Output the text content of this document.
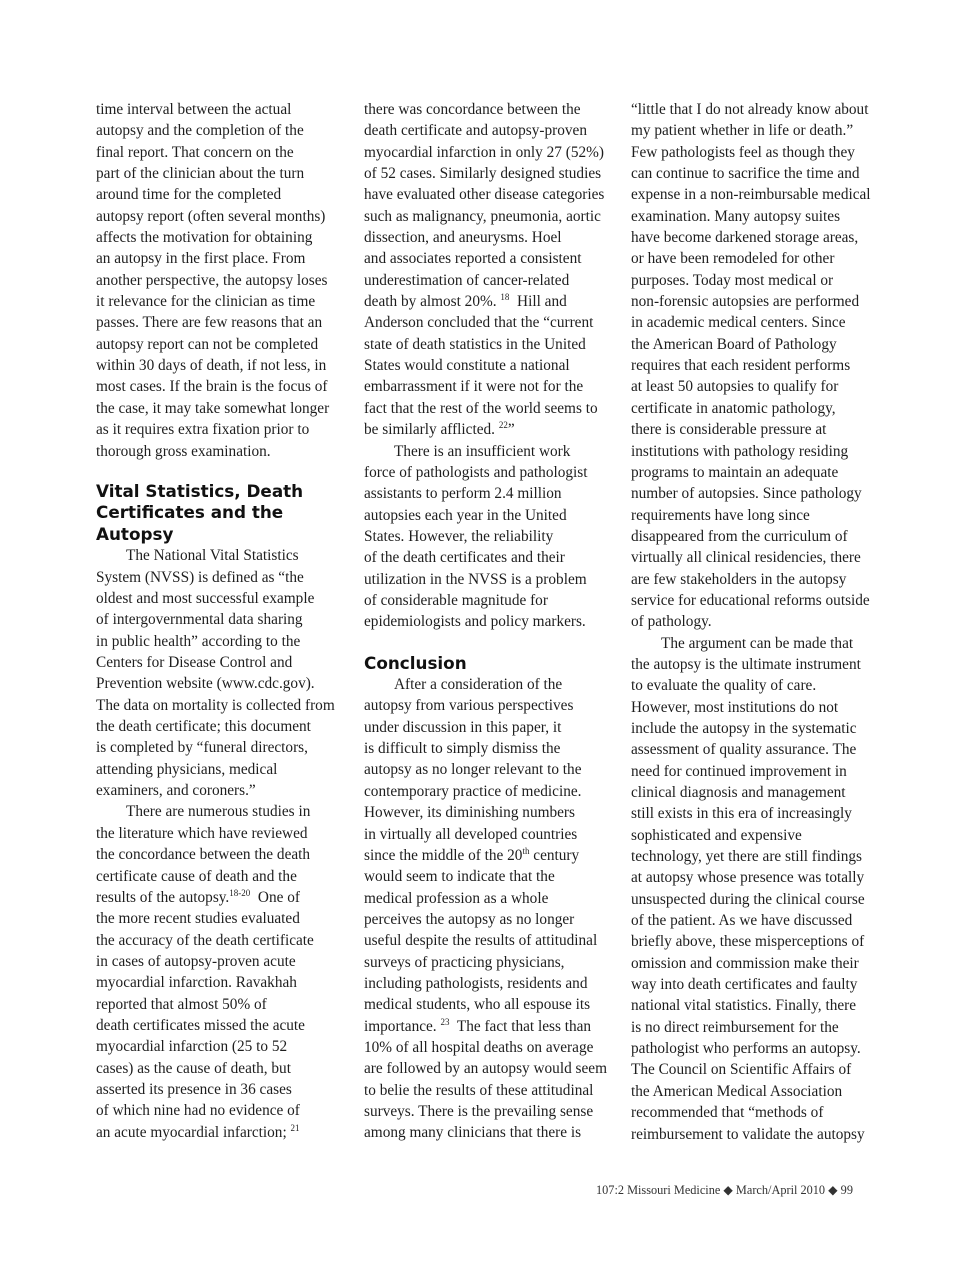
time interval between the actual
autopsy and the completion of the
final report. That concern on the
part of the clinician about the turn
around time for the completed
autopsy report (often several months)
affects the motivation for obtaining
an autopsy in the first place. From
another perspective, the autopsy loses
it relevance for the clinician as time
passes. There are few reasons that an
autopsy report can not be completed
within 30 days of death, if not less, in
most cases. If the brain is the focus of
the case, it may take somewhat longer
as it requires extra fixation prior to
thorough gross examination.
Vital Statistics, Death
Certificates and the
Autopsy
The National Vital Statistics
System (NVSS) is defined as “the
oldest and most successful example
of intergovernmental data sharing
in public health” according to the
Centers for Disease Control and
Prevention website (www.cdc.gov).
The data on mortality is collected from
the death certificate; this document
is completed by “funeral directors,
attending physicians, medical
examiners, and coroners.”
There are numerous studies in
the literature which have reviewed
the concordance between the death
certificate cause of death and the
results of the autopsy.$^{18-20}$ One of
the more recent studies evaluated
the accuracy of the death certificate
in cases of autopsy-proven acute
myocardial infarction. Ravakhah
reported that almost 50% of
death certificates missed the acute
myocardial infarction (25 to 52
cases) as the cause of death, but
asserted its presence in 36 cases
of which nine had no evidence of
an acute myocardial infarction; $^{21}$
there was concordance between the
death certificate and autopsy-proven
myocardial infarction in only 27 (52%)
of 52 cases. Similarly designed studies
have evaluated other disease categories
such as malignancy, pneumonia, aortic
dissection, and aneurysms. Hoel
and associates reported a consistent
underestimation of cancer-related
death by almost 20%. $^{18}$ Hill and
Anderson concluded that the “current
state of death statistics in the United
States would constitute a national
embarrassment if it were not for the
fact that the rest of the world seems to
be similarly afflicted. $^{22}$”
There is an insufficient work
force of pathologists and pathologist
assistants to perform 2.4 million
autopsies each year in the United
States. However, the reliability
of the death certificates and their
utilization in the NVSS is a problem
of considerable magnitude for
epidemiologists and policy markers.
Conclusion
After a consideration of the
autopsy from various perspectives
under discussion in this paper, it
is difficult to simply dismiss the
autopsy as no longer relevant to the
contemporary practice of medicine.
However, its diminishing numbers
in virtually all developed countries
since the middle of the 20th century
would seem to indicate that the
medical profession as a whole
perceives the autopsy as no longer
useful despite the results of attitudinal
surveys of practicing physicians,
including pathologists, residents and
medical students, who all espouse its
importance. $^{23}$ The fact that less than
10% of all hospital deaths on average
are followed by an autopsy would seem
to belie the results of these attitudinal
surveys. There is the prevailing sense
among many clinicians that there is
“little that I do not already know about
my patient whether in life or death.”
Few pathologists feel as though they
can continue to sacrifice the time and
expense in a non-reimbursable medical
examination. Many autopsy suites
have become darkened storage areas,
or have been remodeled for other
purposes. Today most medical or
non-forensic autopsies are performed
in academic medical centers. Since
the American Board of Pathology
requires that each resident performs
at least 50 autopsies to qualify for
certificate in anatomic pathology,
there is considerable pressure at
institutions with pathology residing
programs to maintain an adequate
number of autopsies. Since pathology
requirements have long since
disappeared from the curriculum of
virtually all clinical residencies, there
are few stakeholders in the autopsy
service for educational reforms outside
of pathology.
The argument can be made that
the autopsy is the ultimate instrument
to evaluate the quality of care.
However, most institutions do not
include the autopsy in the systematic
assessment of quality assurance. The
need for continued improvement in
clinical diagnosis and management
still exists in this era of increasingly
sophisticated and expensive
technology, yet there are still findings
at autopsy whose presence was totally
unsuspected during the clinical course
of the patient. As we have discussed
briefly above, these misperceptions of
omission and commission make their
way into death certificates and faulty
national vital statistics. Finally, there
is no direct reimbursement for the
pathologist who performs an autopsy.
The Council on Scientific Affairs of
the American Medical Association
recommended that “methods of
reimbursement to validate the autopsy
107:2 Missouri Medicine ◆ March/April 2010 ◆ 99
